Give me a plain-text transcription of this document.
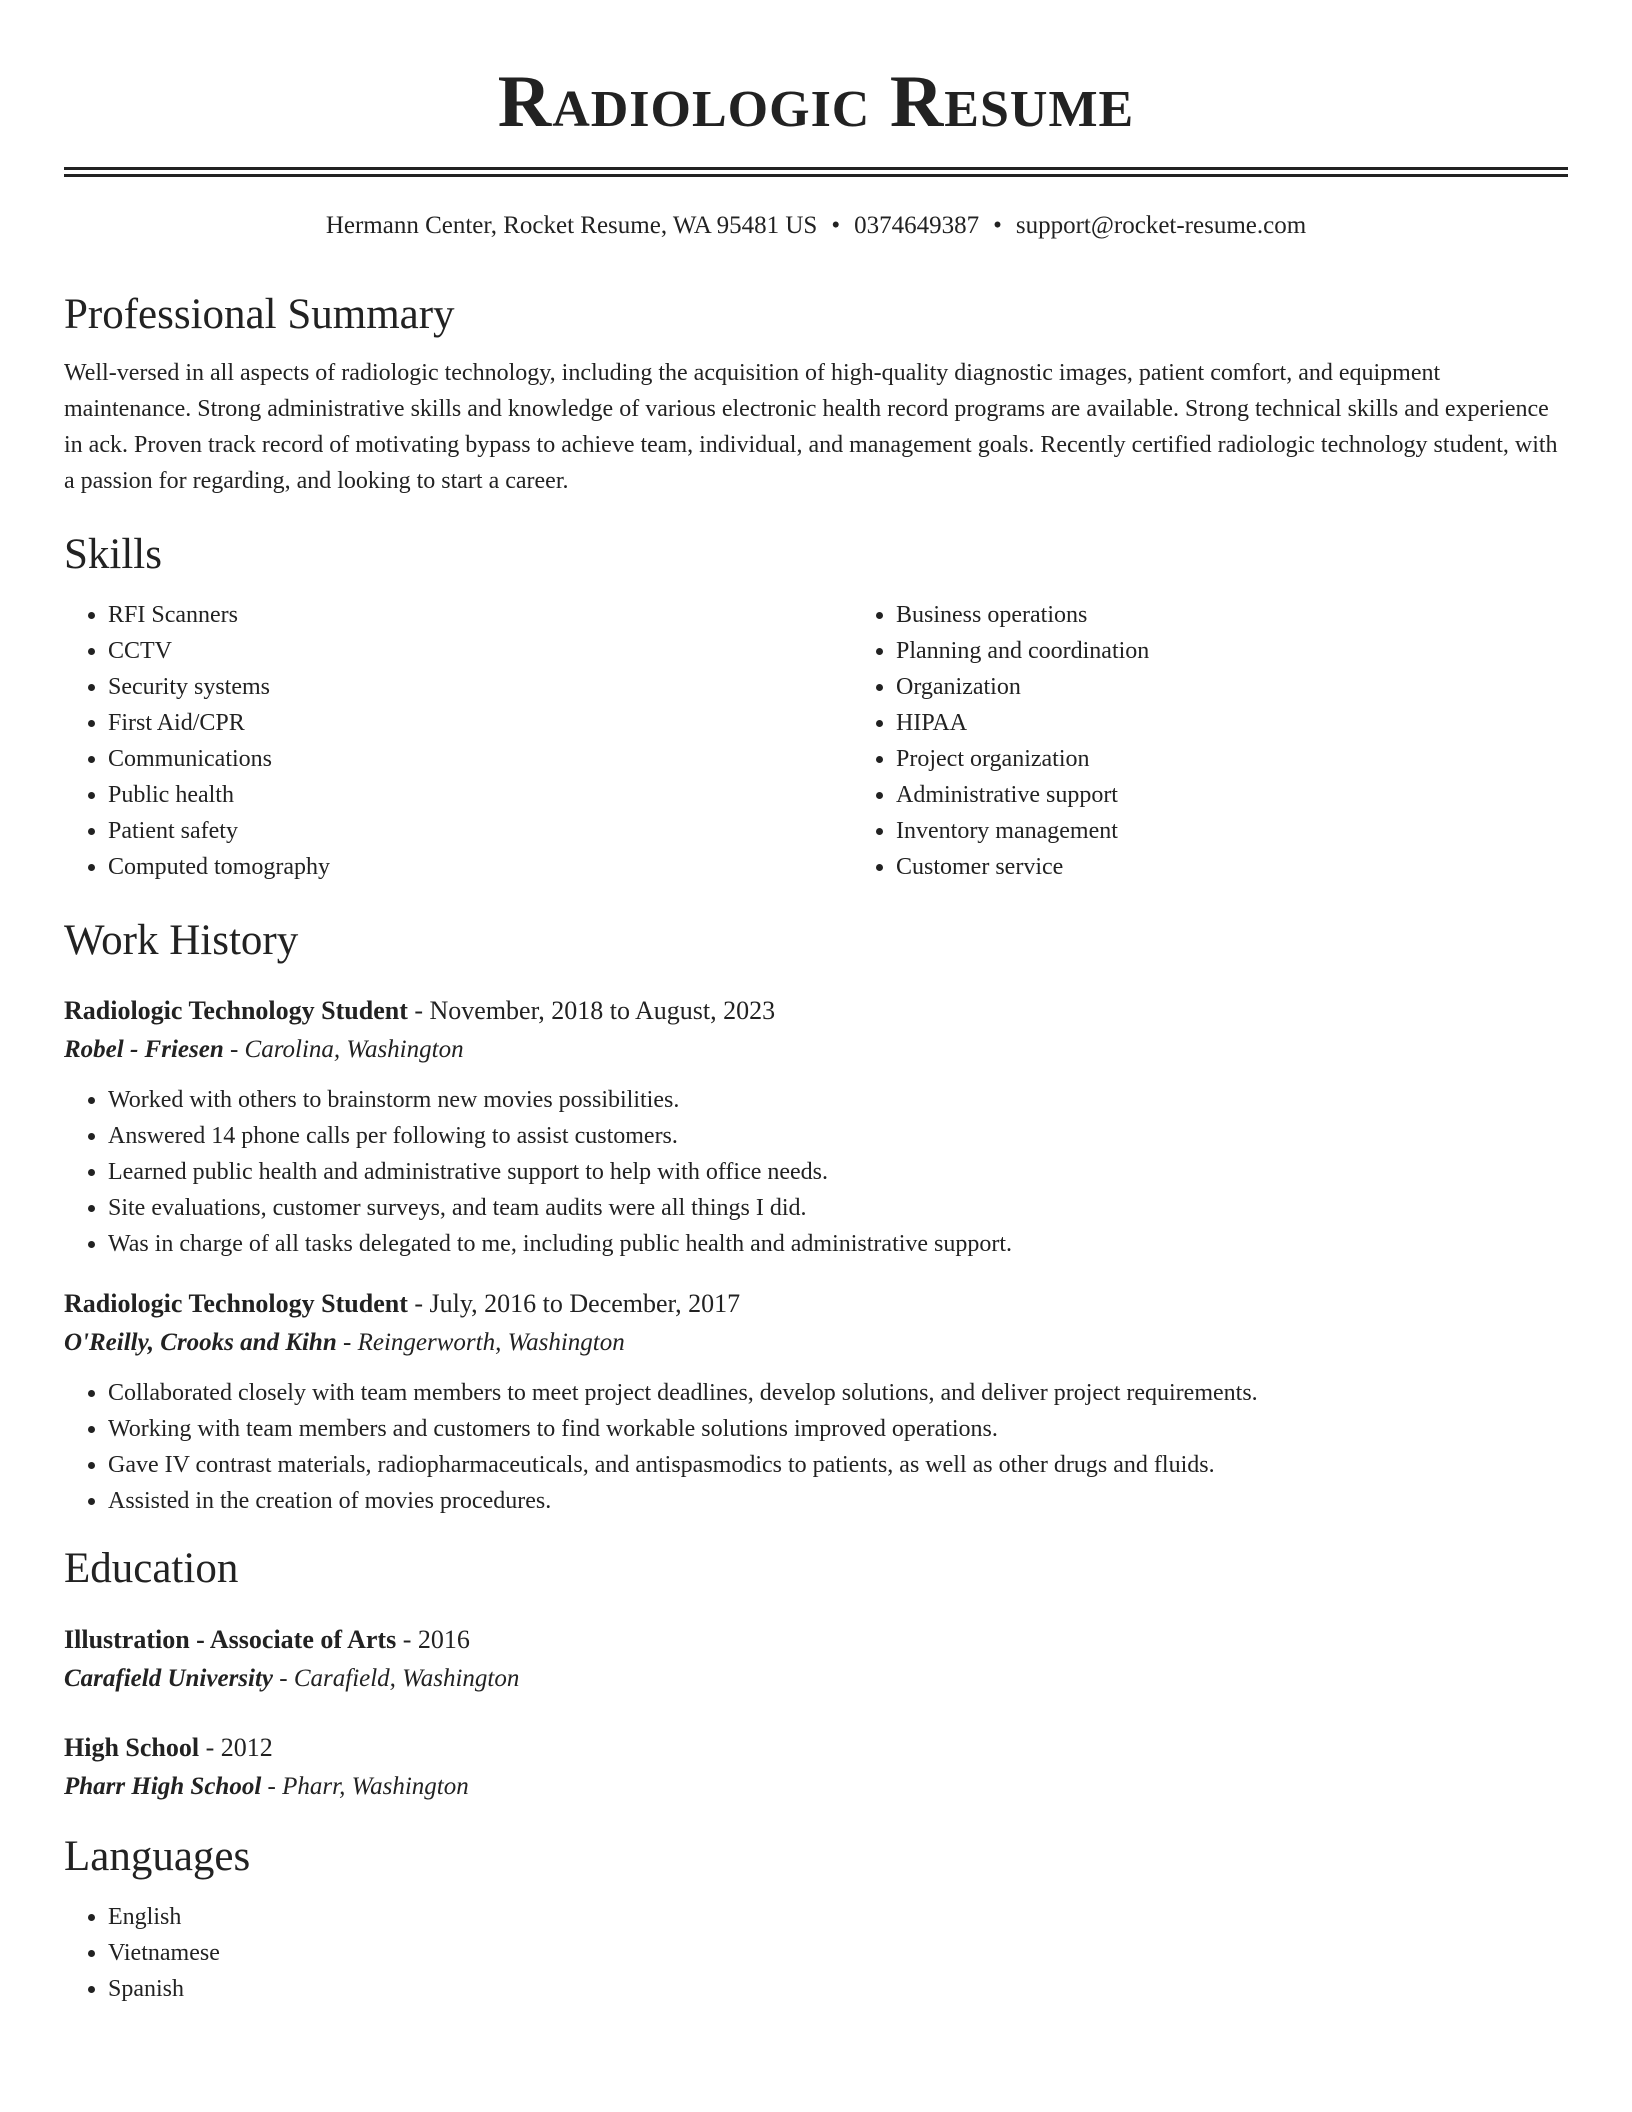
Radiologic Resume
Hermann Center, Rocket Resume, WA 95481 US • 0374649387 • support@rocket-resume.com
Professional Summary

Well-versed in all aspects of radiologic technology, including the acquisition of high-quality diagnostic images, patient comfort, and equipment maintenance. Strong administrative skills and knowledge of various electronic health record programs are available. Strong technical skills and experience in ack. Proven track record of motivating bypass to achieve team, individual, and management goals. Recently certified radiologic technology student, with a passion for regarding, and looking to start a career.

Skills
• RFI Scanners
• CCTV
• Security systems
• First Aid/CPR
• Communications
• Public health
• Patient safety
• Computed tomography
• Business operations
• Planning and coordination
• Organization
• HIPAA
• Project organization
• Administrative support
• Inventory management
• Customer service
Work History
Radiologic Technology Student - November, 2018 to August, 2023
Robel - Friesen - Carolina, Washington
• Worked with others to brainstorm new movies possibilities.
• Answered 14 phone calls per following to assist customers.
• Learned public health and administrative support to help with office needs.
• Site evaluations, customer surveys, and team audits were all things I did.
• Was in charge of all tasks delegated to me, including public health and administrative support.
Radiologic Technology Student - July, 2016 to December, 2017
O'Reilly, Crooks and Kihn - Reingerworth, Washington
• Collaborated closely with team members to meet project deadlines, develop solutions, and deliver project requirements.
• Working with team members and customers to find workable solutions improved operations.
• Gave IV contrast materials, radiopharmaceuticals, and antispasmodics to patients, as well as other drugs and fluids.
• Assisted in the creation of movies procedures.
Education
Illustration - Associate of Arts - 2016
Carafield University - Carafield, Washington
High School - 2012
Pharr High School - Pharr, Washington
Languages
• English
• Vietnamese
• Spanish
